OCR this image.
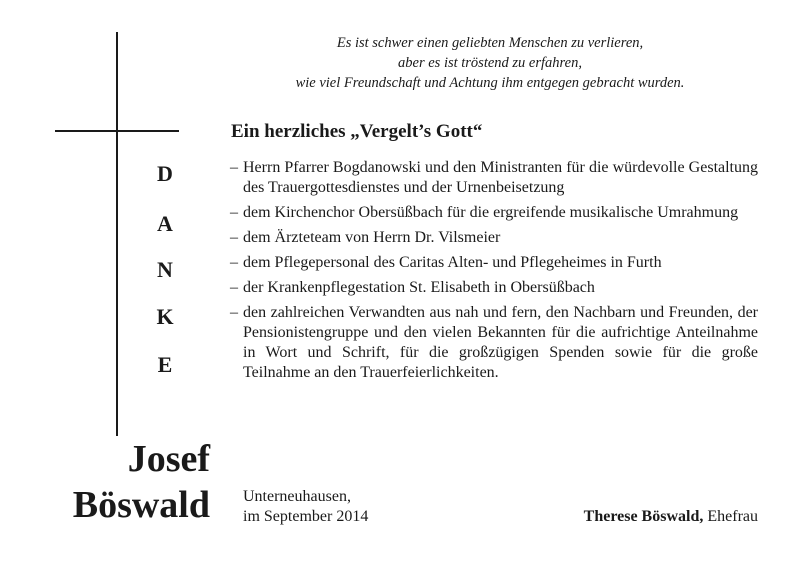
D
A
N
K
E
Josef
Böswald
Es ist schwer einen geliebten Menschen zu verlieren,
aber es ist tröstend zu erfahren,
wie viel Freundschaft und Achtung ihm entgegen gebracht wurden.
Ein herzliches „Vergelt’s Gott“
– Herrn Pfarrer Bogdanowski und den Ministranten für die würdevolle Gestaltung des Trauergottesdienstes und der Urnenbeisetzung
– dem Kirchenchor Obersüßbach für die ergreifende musikalische Umrahmung
– dem Ärzteteam von Herrn Dr. Vilsmeier
– dem Pflegepersonal des Caritas Alten- und Pflegeheimes in Furth
– der Krankenpflegestation St. Elisabeth in Obersüßbach
– den zahlreichen Verwandten aus nah und fern, den Nachbarn und Freunden, der Pensionistengruppe und den vielen Bekannten für die aufrichtige Anteilnahme in Wort und Schrift, für die großzügigen Spenden sowie für die große Teilnahme an den Trauerfeierlichkeiten.
Unterneuhausen,
im September 2014	Therese Böswald, Ehefrau
